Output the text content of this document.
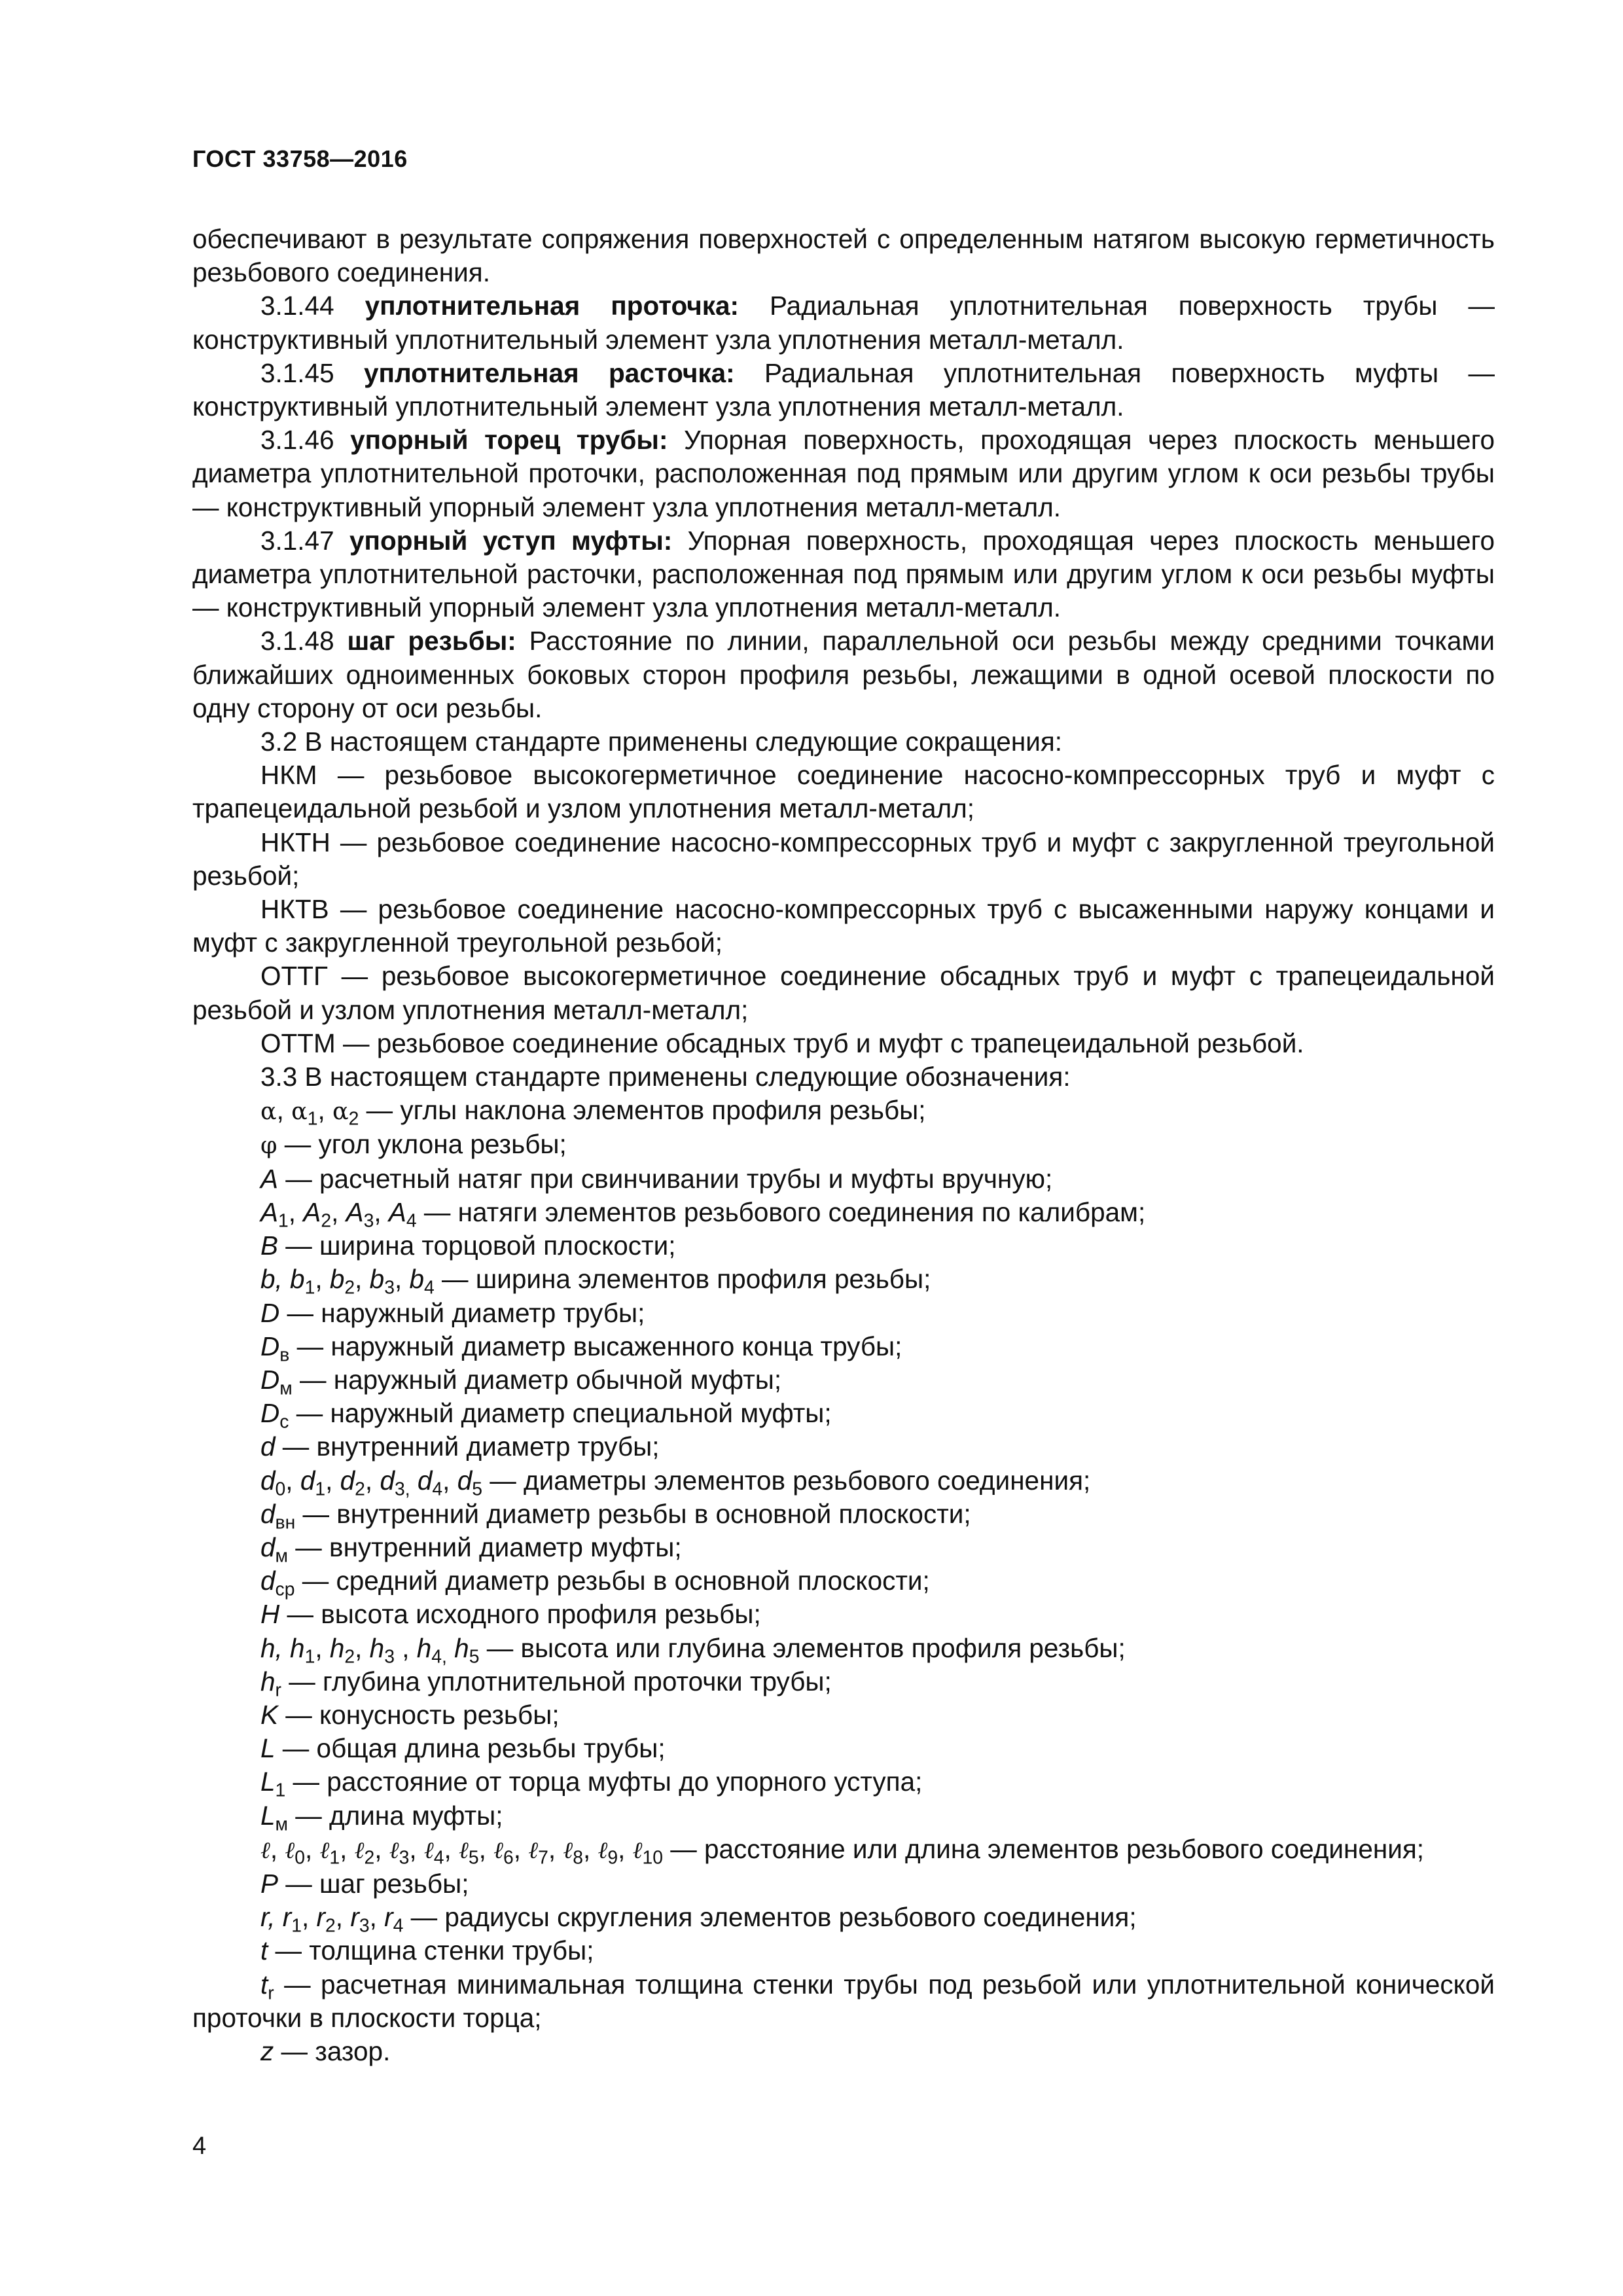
ГОСТ 33758—2016

обеспечивают в результате сопряжения поверхностей с определенным натягом высокую герметичность резьбового соединения.

3.1.44 уплотнительная проточка: Радиальная уплотнительная поверхность трубы — конструктивный уплотнительный элемент узла уплотнения металл-металл.

3.1.45 уплотнительная расточка: Радиальная уплотнительная поверхность муфты — конструктивный уплотнительный элемент узла уплотнения металл-металл.

3.1.46 упорный торец трубы: Упорная поверхность, проходящая через плоскость меньшего диаметра уплотнительной проточки, расположенная под прямым или другим углом к оси резьбы трубы — конструктивный упорный элемент узла уплотнения металл-металл.

3.1.47 упорный уступ муфты: Упорная поверхность, проходящая через плоскость меньшего диаметра уплотнительной расточки, расположенная под прямым или другим углом к оси резьбы муфты — конструктивный упорный элемент узла уплотнения металл-металл.

3.1.48 шаг резьбы: Расстояние по линии, параллельной оси резьбы между средними точками ближайших одноименных боковых сторон профиля резьбы, лежащими в одной осевой плоскости по одну сторону от оси резьбы.

3.2 В настоящем стандарте применены следующие сокращения:

НКМ — резьбовое высокогерметичное соединение насосно-компрессорных труб и муфт с трапецеидальной резьбой и узлом уплотнения металл-металл;

НКТН — резьбовое соединение насосно-компрессорных труб и муфт с закругленной треугольной резьбой;

НКТВ — резьбовое соединение насосно-компрессорных труб с высаженными наружу концами и муфт с закругленной треугольной резьбой;

ОТТГ — резьбовое высокогерметичное соединение обсадных труб и муфт с трапецеидальной резьбой и узлом уплотнения металл-металл;

ОТТМ — резьбовое соединение обсадных труб и муфт с трапецеидальной резьбой.

3.3 В настоящем стандарте применены следующие обозначения:

α, $\alpha_1$, $\alpha_2$ — углы наклона элементов профиля резьбы;

φ — угол уклона резьбы;

A — расчетный натяг при свинчивании трубы и муфты вручную;

$A_1$, $A_2$, $A_3$, $A_4$ — натяги элементов резьбового соединения по калибрам;

B — ширина торцовой плоскости;

b, $b_1$, $b_2$, $b_3$, $b_4$ — ширина элементов профиля резьбы;

D — наружный диаметр трубы;

$D_в$ — наружный диаметр высаженного конца трубы;

$D_м$ — наружный диаметр обычной муфты;

$D_с$ — наружный диаметр специальной муфты;

d — внутренний диаметр трубы;

$d_0$, $d_1$, $d_2$, $d_{3,}$ $d_4$, $d_5$ — диаметры элементов резьбового соединения;

$d_{вн}$ — внутренний диаметр резьбы в основной плоскости;

$d_м$ — внутренний диаметр муфты;

$d_{ср}$ — средний диаметр резьбы в основной плоскости;

H — высота исходного профиля резьбы;

h, $h_1$, $h_2$, $h_3$ , $h_{4,}$ $h_5$ — высота или глубина элементов профиля резьбы;

$h_r$ — глубина уплотнительной проточки трубы;

K — конусность резьбы;

L — общая длина резьбы трубы;

$L_1$ — расстояние от торца муфты до упорного уступа;

$L_м$ — длина муфты;

ℓ, ℓ$_0$, ℓ$_1$, ℓ$_2$, ℓ$_3$, ℓ$_4$, ℓ$_5$, ℓ$_6$, ℓ$_7$, ℓ$_8$, ℓ$_9$, ℓ$_{10}$ — расстояние или длина элементов резьбового соединения;

P — шаг резьбы;

r, $r_1$, $r_2$, $r_3$, $r_4$ — радиусы скругления элементов резьбового соединения;

t — толщина стенки трубы;

$t_r$ — расчетная минимальная толщина стенки трубы под резьбой или уплотнительной конической проточки в плоскости торца;

z — зазор.

4
